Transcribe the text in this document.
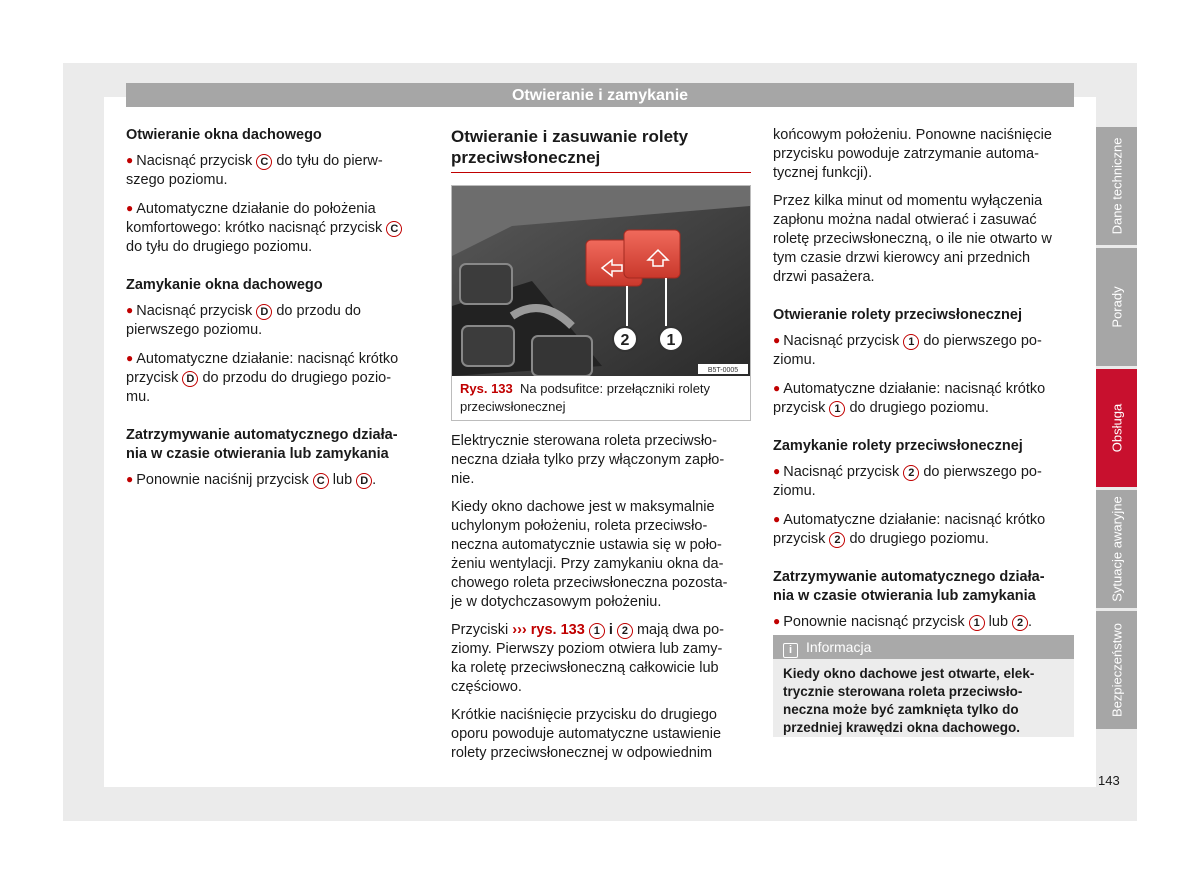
Otwieranie i zamykanie
Otwieranie okna dachowego

● Nacisnąć przycisk C do tyłu do pierw-
szego poziomu.

● Automatyczne działanie do położenia
komfortowego: krótko nacisnąć przycisk C
do tyłu do drugiego poziomu.

Zamykanie okna dachowego

● Nacisnąć przycisk D do przodu do
pierwszego poziomu.

● Automatyczne działanie: nacisnąć krótko
przycisk D do przodu do drugiego pozio-
mu.

Zatrzymywanie automatycznego działa-
nia w czasie otwierania lub zamykania

● Ponownie naciśnij przycisk C lub D .

Otwieranie i zasuwanie rolety
przeciwsłonecznej
2 1
B5T-0005
Rys. 133 Na podsufitce: przełączniki rolety
przeciwsłonecznej

Elektrycznie sterowana roleta przeciwsło-
neczna działa tylko przy włączonym zapło-
nie.

Kiedy okno dachowe jest w maksymalnie
uchylonym położeniu, roleta przeciwsło-
neczna automatycznie ustawia się w poło-
żeniu wentylacji. Przy zamykaniu okna da-
chowego roleta przeciwsłoneczna pozosta-
je w dotychczasowym położeniu.

Przyciski ››› rys. 133 1 i 2 mają dwa po-
ziomy. Pierwszy poziom otwiera lub zamy-
ka roletę przeciwsłoneczną całkowicie lub
częściowo.

Krótkie naciśnięcie przycisku do drugiego
oporu powoduje automatyczne ustawienie
rolety przeciwsłonecznej w odpowiednim

końcowym położeniu. Ponowne naciśnięcie
przycisku powoduje zatrzymanie automa-
tycznej funkcji).

Przez kilka minut od momentu wyłączenia
zapłonu można nadal otwierać i zasuwać
roletę przeciwsłoneczną, o ile nie otwarto w
tym czasie drzwi kierowcy ani przednich
drzwi pasażera.

Otwieranie rolety przeciwsłonecznej

● Nacisnąć przycisk 1 do pierwszego po-
ziomu.

● Automatyczne działanie: nacisnąć krótko
przycisk 1 do drugiego poziomu.

Zamykanie rolety przeciwsłonecznej

● Nacisnąć przycisk 2 do pierwszego po-
ziomu.

● Automatyczne działanie: nacisnąć krótko
przycisk 2 do drugiego poziomu.

Zatrzymywanie automatycznego działa-
nia w czasie otwierania lub zamykania

● Ponownie nacisnąć przycisk 1 lub 2 .

i Informacja
Kiedy okno dachowe jest otwarte, elek-
trycznie sterowana roleta przeciwsło-
neczna może być zamknięta tylko do
przedniej krawędzi okna dachowego.
Dane techniczne
Porady
Obsługa
Sytuacje awaryjne
Bezpieczeństwo
143
